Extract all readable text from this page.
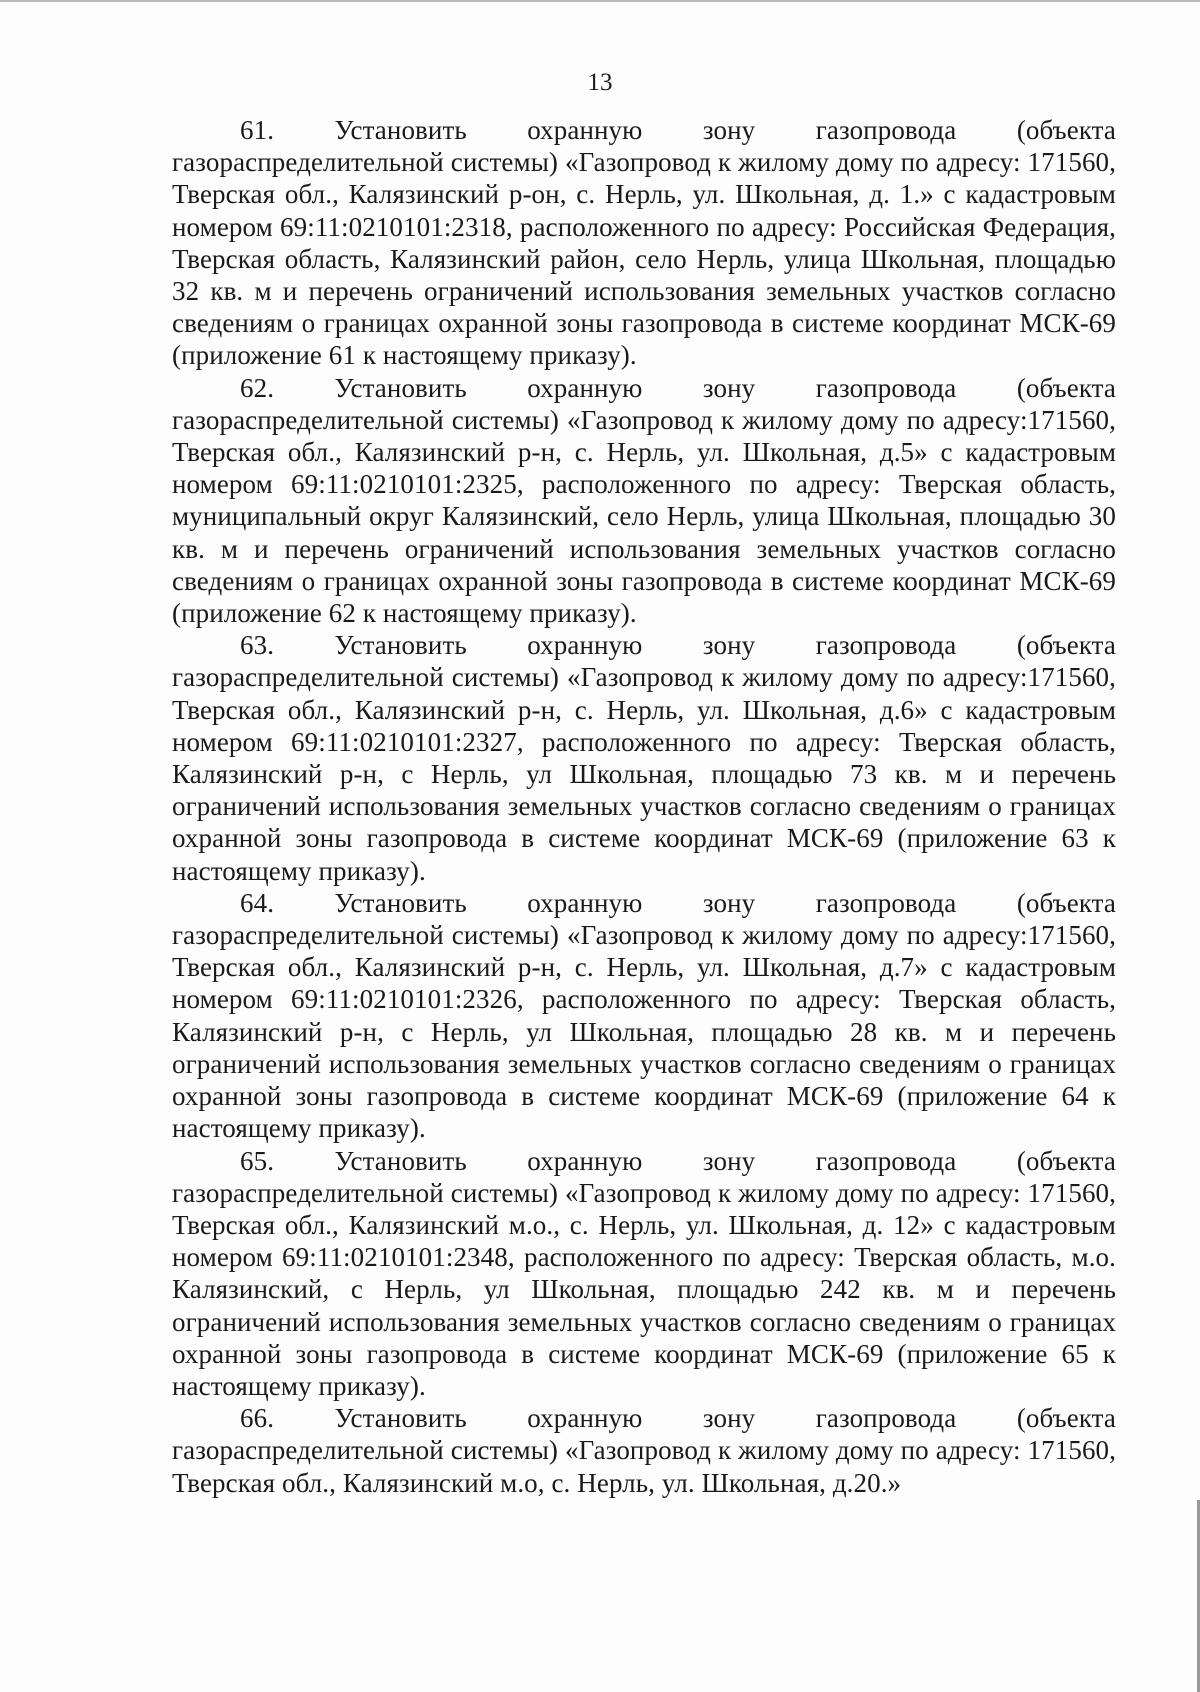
13

61. Установить охранную зону газопровода (объекта газораспределительной системы) «Газопровод к жилому дому по адресу: 171560, Тверская обл., Калязинский р-он, с. Нерль, ул. Школьная, д. 1.» с кадастровым номером 69:11:0210101:2318, расположенного по адресу: Российская Федерация, Тверская область, Калязинский район, село Нерль, улица Школьная, площадью 32 кв. м и перечень ограничений использования земельных участков согласно сведениям о границах охранной зоны газопровода в системе координат МСК-69 (приложение 61 к настоящему приказу).

62. Установить охранную зону газопровода (объекта газораспределительной системы) «Газопровод к жилому дому по адресу:171560, Тверская обл., Калязинский р-н, с. Нерль, ул. Школьная, д.5» с кадастровым номером 69:11:0210101:2325, расположенного по адресу: Тверская область, муниципальный округ Калязинский, село Нерль, улица Школьная, площадью 30 кв. м и перечень ограничений использования земельных участков согласно сведениям о границах охранной зоны газопровода в системе координат МСК-69 (приложение 62 к настоящему приказу).

63. Установить охранную зону газопровода (объекта газораспределительной системы) «Газопровод к жилому дому по адресу:171560, Тверская обл., Калязинский р-н, с. Нерль, ул. Школьная, д.6» с кадастровым номером 69:11:0210101:2327, расположенного по адресу: Тверская область, Калязинский р-н, с Нерль, ул Школьная, площадью 73 кв. м и перечень ограничений использования земельных участков согласно сведениям о границах охранной зоны газопровода в системе координат МСК-69 (приложение 63 к настоящему приказу).

64. Установить охранную зону газопровода (объекта газораспределительной системы) «Газопровод к жилому дому по адресу:171560, Тверская обл., Калязинский р-н, с. Нерль, ул. Школьная, д.7» с кадастровым номером 69:11:0210101:2326, расположенного по адресу: Тверская область, Калязинский р-н, с Нерль, ул Школьная, площадью 28 кв. м и перечень ограничений использования земельных участков согласно сведениям о границах охранной зоны газопровода в системе координат МСК-69 (приложение 64 к настоящему приказу).

65. Установить охранную зону газопровода (объекта газораспределительной системы) «Газопровод к жилому дому по адресу: 171560, Тверская обл., Калязинский м.о., с. Нерль, ул. Школьная, д. 12» с кадастровым номером 69:11:0210101:2348, расположенного по адресу: Тверская область, м.о. Калязинский, с Нерль, ул Школьная, площадью 242 кв. м и перечень ограничений использования земельных участков согласно сведениям о границах охранной зоны газопровода в системе координат МСК-69 (приложение 65 к настоящему приказу).

66. Установить охранную зону газопровода (объекта газораспределительной системы) «Газопровод к жилому дому по адресу: 171560, Тверская обл., Калязинский м.о, с. Нерль, ул. Школьная, д.20.»
